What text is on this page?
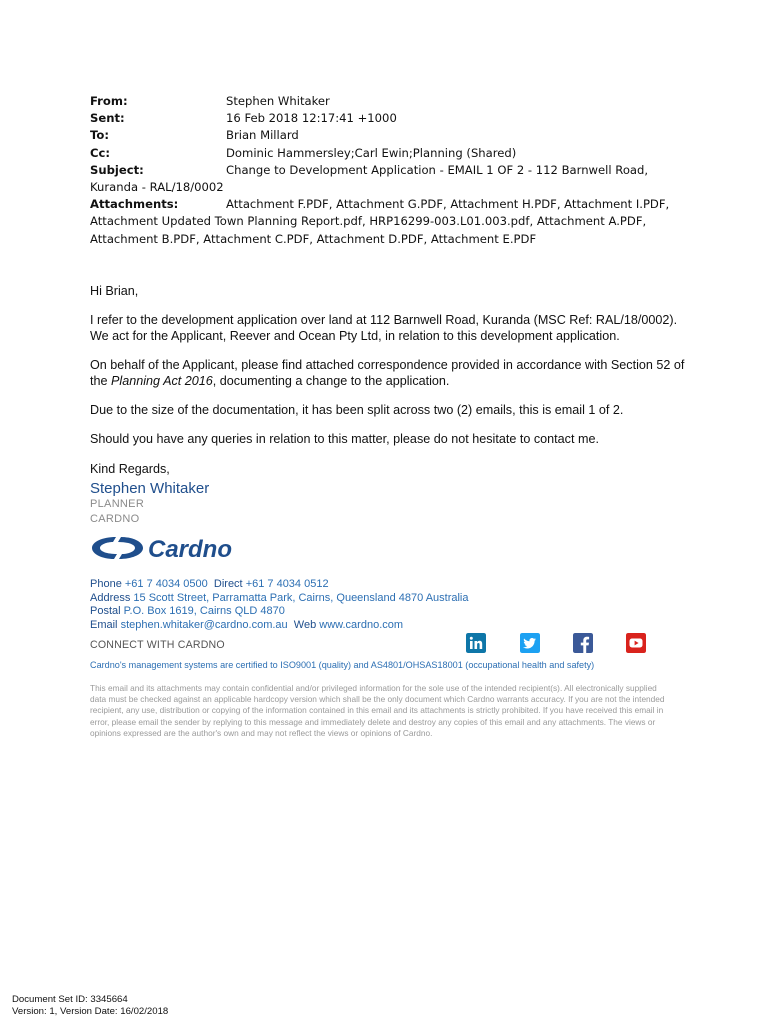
From:	Stephen Whitaker
Sent:	16 Feb 2018 12:17:41 +1000
To:	Brian Millard
Cc:	Dominic Hammersley;Carl Ewin;Planning (Shared)
Subject:	Change to Development Application - EMAIL 1 OF 2 - 112 Barnwell Road,
Kuranda - RAL/18/0002
Attachments:	Attachment F.PDF, Attachment G.PDF, Attachment H.PDF, Attachment I.PDF,
Attachment Updated Town Planning Report.pdf, HRP16299-003.L01.003.pdf, Attachment A.PDF,
Attachment B.PDF, Attachment C.PDF, Attachment D.PDF, Attachment E.PDF

Hi Brian,

I refer to the development application over land at 112 Barnwell Road, Kuranda (MSC Ref: RAL/18/0002). We act for the Applicant, Reever and Ocean Pty Ltd, in relation to this development application.

On behalf of the Applicant, please find attached correspondence provided in accordance with Section 52 of the Planning Act 2016, documenting a change to the application.

Due to the size of the documentation, it has been split across two (2) emails, this is email 1 of 2.

Should you have any queries in relation to this matter, please do not hesitate to contact me.

Kind Regards,

Stephen Whitaker
PLANNER
CARDNO
Cardno
Phone +61 7 4034 0500 Direct +61 7 4034 0512
Address 15 Scott Street, Parramatta Park, Cairns, Queensland 4870 Australia
Postal P.O. Box 1619, Cairns QLD 4870
Email stephen.whitaker@cardno.com.au Web www.cardno.com
CONNECT WITH CARDNO
Cardno's management systems are certified to ISO9001 (quality) and AS4801/OHSAS18001 (occupational health and safety)
This email and its attachments may contain confidential and/or privileged information for the sole use of the intended recipient(s). All electronically supplied data must be checked against an applicable hardcopy version which shall be the only document which Cardno warrants accuracy. If you are not the intended recipient, any use, distribution or copying of the information contained in this email and its attachments is strictly prohibited. If you have received this email in error, please email the sender by replying to this message and immediately delete and destroy any copies of this email and any attachments. The views or opinions expressed are the author's own and may not reflect the views or opinions of Cardno.
Document Set ID: 3345664
Version: 1, Version Date: 16/02/2018
